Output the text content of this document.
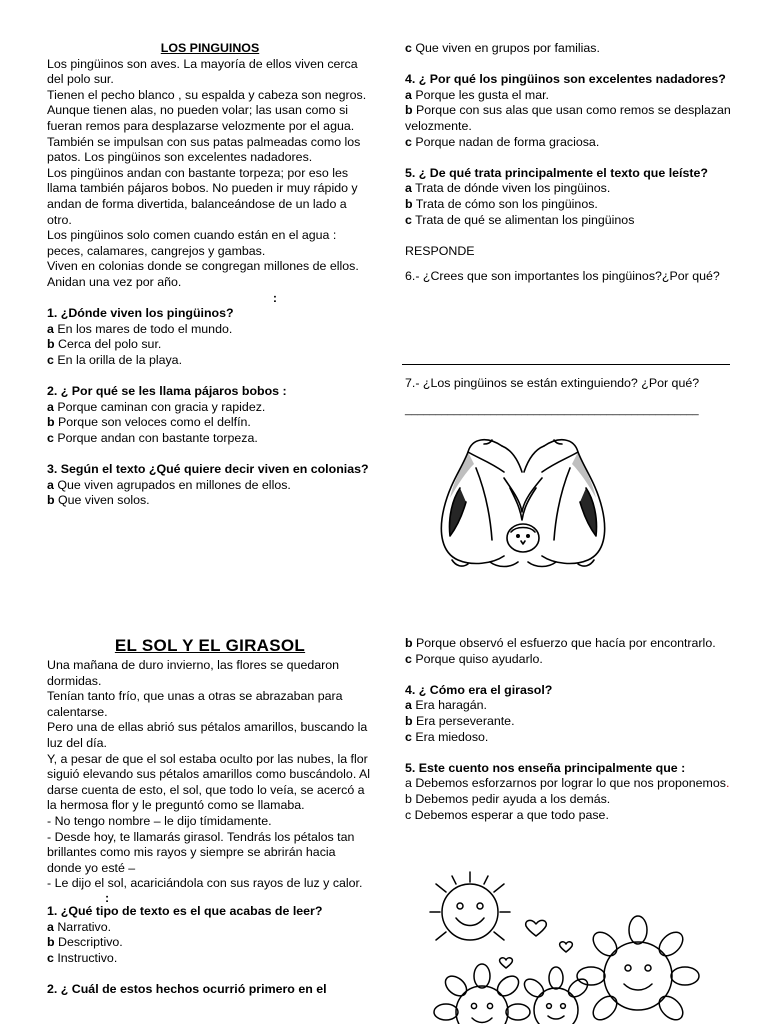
LOS PINGUINOS

Los pingüinos son aves. La mayoría de ellos viven cerca del polo sur.

Tienen el pecho blanco , su espalda y cabeza son negros.

Aunque tienen alas, no pueden volar; las usan como si fueran remos para desplazarse velozmente por el agua. También se impulsan con sus patas palmeadas como los patos. Los pingüinos son excelentes nadadores.

Los pingüinos andan con bastante torpeza; por eso les llama también pájaros bobos. No pueden ir muy rápido y andan de forma divertida, balanceándose de un lado a otro.

Los pingüinos solo comen cuando están en el agua : peces, calamares, cangrejos y gambas.

Viven en colonias donde se congregan millones de ellos. Anidan una vez por año.

:

1. ¿Dónde viven los pingüinos?

a En los mares de todo el mundo.

b Cerca del polo sur.

c En la orilla de la playa.

2. ¿ Por qué se les llama pájaros bobos :

a Porque caminan con gracia y rapidez.

b Porque son veloces como el delfín.

c Porque andan con bastante torpeza.

3. Según el texto ¿Qué quiere decir viven en colonias?

a Que viven agrupados en millones de ellos.

b Que viven solos.

c Que viven en grupos por familias.

4. ¿ Por qué los pingüinos son excelentes nadadores?

a Porque les gusta el mar.

b Porque con sus alas que usan como remos se desplazan velozmente.

c Porque nadan de forma graciosa.

5. ¿ De qué trata principalmente el texto que leíste?

a Trata de dónde viven los pingüinos.

b Trata de cómo son los pingüinos.

c Trata de qué se alimentan los pingüinos

RESPONDE

6.- ¿Crees que son importantes los pingüinos?¿Por qué?

7.- ¿Los pingüinos se están extinguiendo? ¿Por qué?

________________________________________________

EL SOL Y EL GIRASOL

Una mañana de duro invierno, las flores se quedaron dormidas.

Tenían tanto frío, que unas a otras se abrazaban para calentarse.

Pero una de ellas abrió sus pétalos amarillos, buscando la luz del día.

Y, a pesar de que el sol estaba oculto por las nubes, la flor siguió elevando sus pétalos amarillos como buscándolo. Al darse cuenta de esto, el sol, que todo lo veía, se acercó a la hermosa flor y le preguntó como se llamaba.

- No tengo nombre – le dijo tímidamente.

- Desde hoy, te llamarás girasol. Tendrás los pétalos tan brillantes como mis rayos y siempre se abrirán hacia donde yo esté –

- Le dijo el sol, acariciándola con sus rayos de luz y calor.

:

1. ¿Qué tipo de texto es el que acabas de leer?

a Narrativo.

b Descriptivo.

c Instructivo.

2. ¿ Cuál de estos hechos ocurrió primero en el

b Porque observó el esfuerzo que hacía por encontrarlo.

c Porque quiso ayudarlo.

4. ¿ Cómo era el girasol?

a Era haragán.

b Era perseverante.

c Era miedoso.

5. Este cuento nos enseña principalmente que :

a Debemos esforzarnos por lograr lo que nos proponemos.

b Debemos pedir ayuda a los demás.

c Debemos esperar a que todo pase.
